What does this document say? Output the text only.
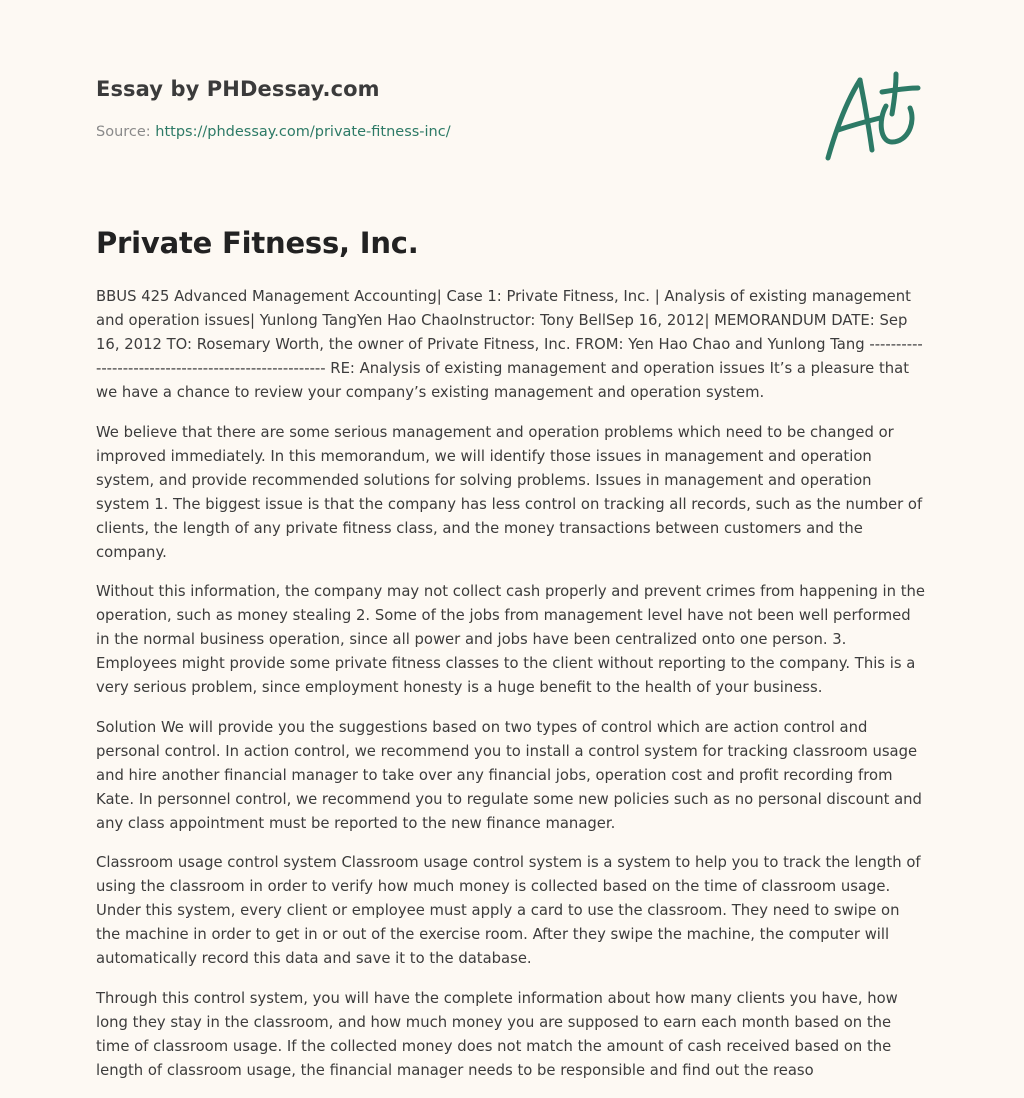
Essay by PHDessay.com
Source: https://phdessay.com/private-fitness-inc/
Private Fitness, Inc.

BBUS 425 Advanced Management Accounting| Case 1: Private Fitness, Inc. | Analysis of existing management and operation issues| Yunlong TangYen Hao ChaoInstructor: Tony BellSep 16, 2012| MEMORANDUM DATE: Sep 16, 2012 TO: Rosemary Worth, the owner of Private Fitness, Inc. FROM: Yen Hao Chao and Yunlong Tang ----------------------------------------------------- RE: Analysis of existing management and operation issues It’s a pleasure that we have a chance to review your company’s existing management and operation system.

We believe that there are some serious management and operation problems which need to be changed or improved immediately. In this memorandum, we will identify those issues in management and operation system, and provide recommended solutions for solving problems. Issues in management and operation system 1. The biggest issue is that the company has less control on tracking all records, such as the number of clients, the length of any private fitness class, and the money transactions between customers and the company.

Without this information, the company may not collect cash properly and prevent crimes from happening in the operation, such as money stealing 2. Some of the jobs from management level have not been well performed in the normal business operation, since all power and jobs have been centralized onto one person. 3. Employees might provide some private fitness classes to the client without reporting to the company. This is a very serious problem, since employment honesty is a huge benefit to the health of your business.

Solution We will provide you the suggestions based on two types of control which are action control and personal control. In action control, we recommend you to install a control system for tracking classroom usage and hire another financial manager to take over any financial jobs, operation cost and profit recording from Kate. In personnel control, we recommend you to regulate some new policies such as no personal discount and any class appointment must be reported to the new finance manager.

Classroom usage control system Classroom usage control system is a system to help you to track the length of using the classroom in order to verify how much money is collected based on the time of classroom usage. Under this system, every client or employee must apply a card to use the classroom. They need to swipe on the machine in order to get in or out of the exercise room. After they swipe the machine, the computer will automatically record this data and save it to the database.

Through this control system, you will have the complete information about how many clients you have, how long they stay in the classroom, and how much money you are supposed to earn each month based on the time of classroom usage. If the collected money does not match the amount of cash received based on the length of classroom usage, the financial manager needs to be responsible and find out the reaso
